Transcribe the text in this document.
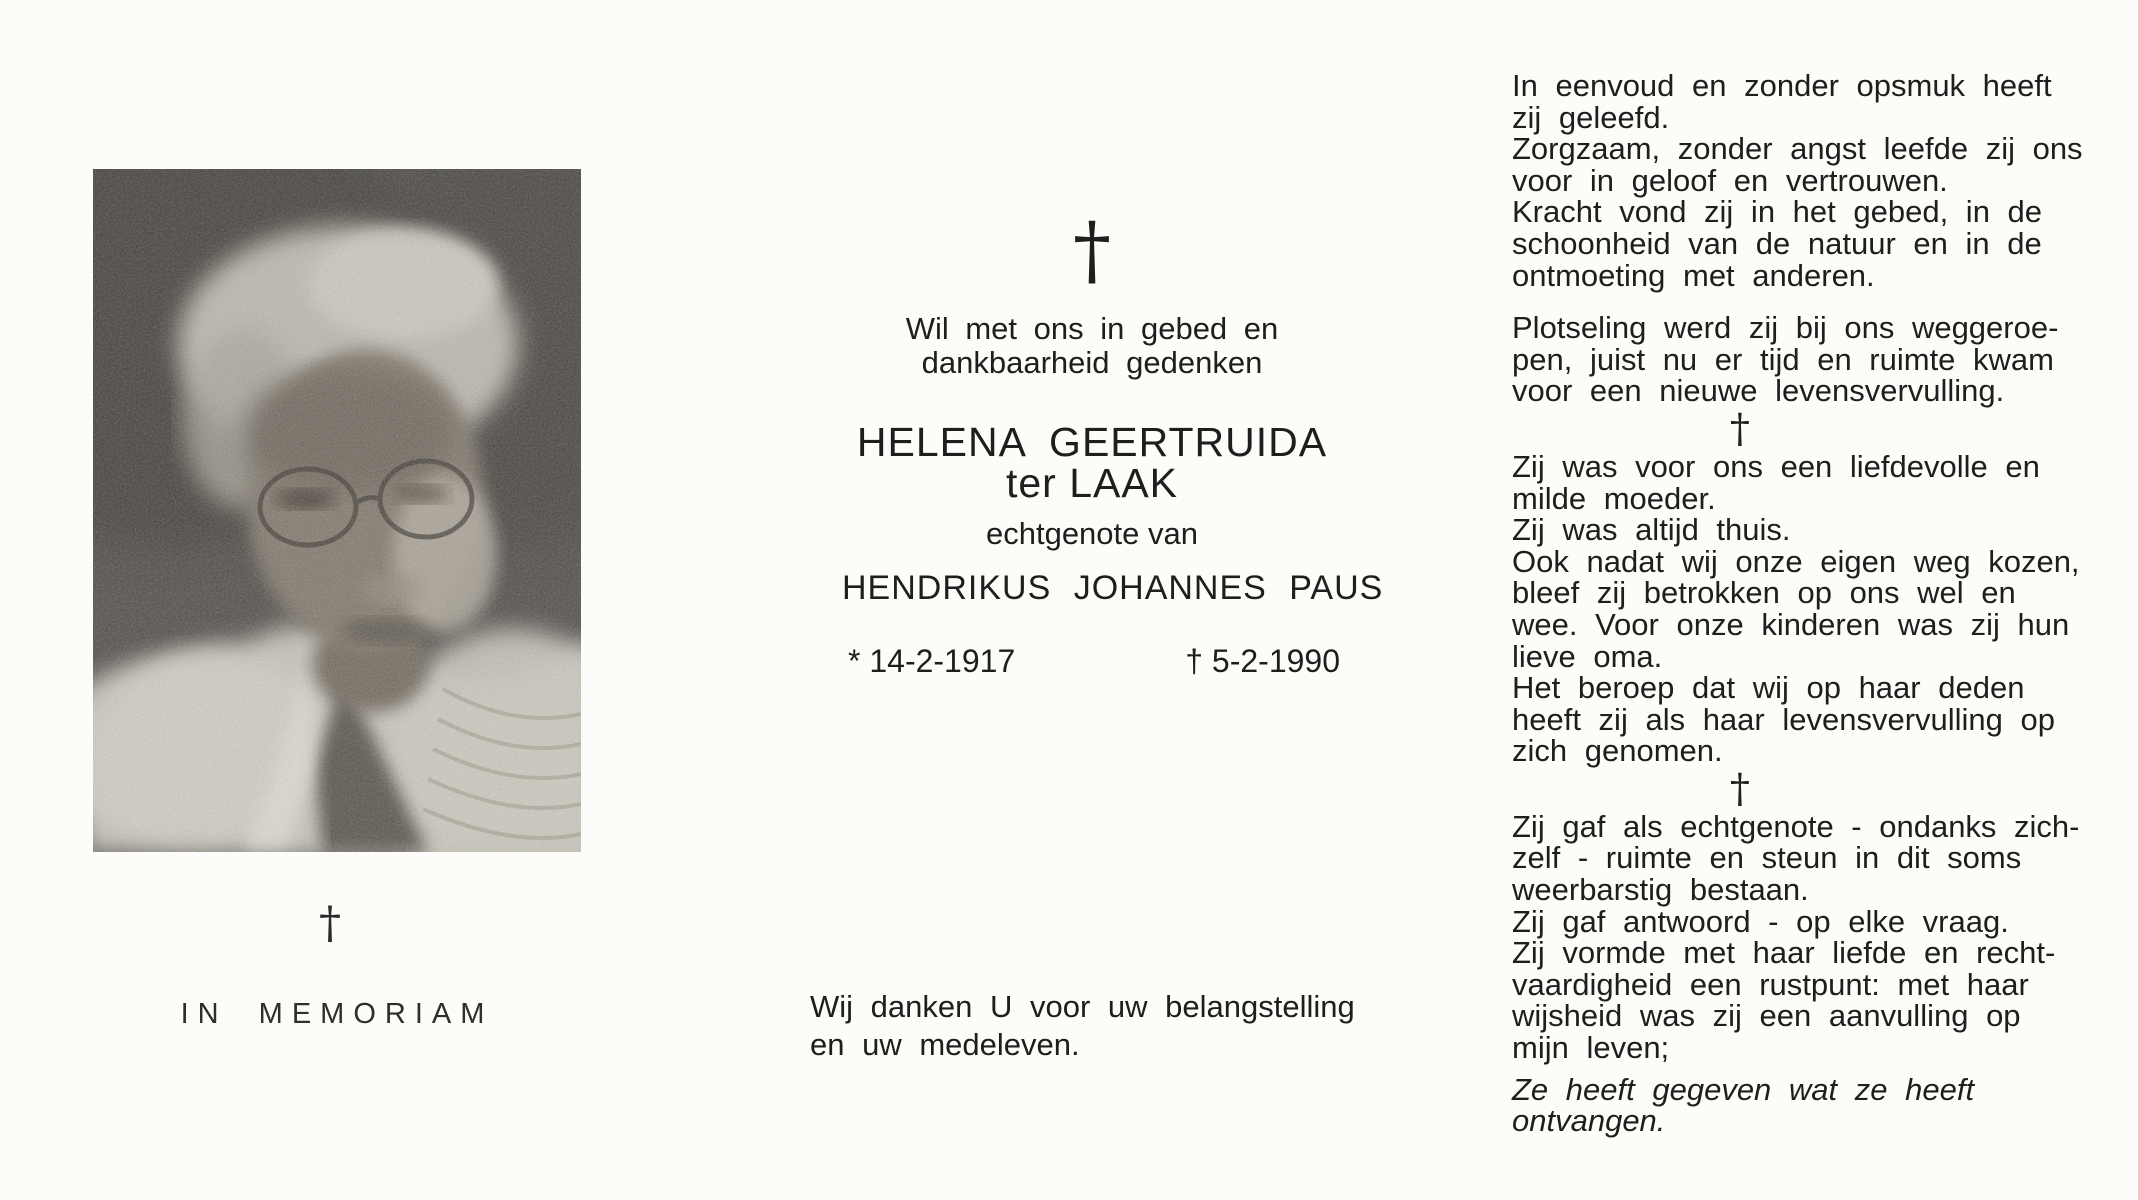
†
IN MEMORIAM
†
Wil met ons in gebed en
dankbaarheid gedenken
HELENA GEERTRUIDA
ter LAAK
echtgenote van
HENDRIKUS JOHANNES PAUS
* 14-2-1917	† 5-2-1990
Wij danken U voor uw belangstelling
en uw medeleven.
In eenvoud en zonder opsmuk heeft
zij geleefd.
Zorgzaam, zonder angst leefde zij ons
voor in geloof en vertrouwen.
Kracht vond zij in het gebed, in de
schoonheid van de natuur en in de
ontmoeting met anderen.
Plotseling werd zij bij ons weggeroe-
pen, juist nu er tijd en ruimte kwam
voor een nieuwe levensvervulling.
†
Zij was voor ons een liefdevolle en
milde moeder.
Zij was altijd thuis.
Ook nadat wij onze eigen weg kozen,
bleef zij betrokken op ons wel en
wee. Voor onze kinderen was zij hun
lieve oma.
Het beroep dat wij op haar deden
heeft zij als haar levensvervulling op
zich genomen.
†
Zij gaf als echtgenote - ondanks zich-
zelf - ruimte en steun in dit soms
weerbarstig bestaan.
Zij gaf antwoord - op elke vraag.
Zij vormde met haar liefde en recht-
vaardigheid een rustpunt: met haar
wijsheid was zij een aanvulling op
mijn leven;
Ze heeft gegeven wat ze heeft
ontvangen.
